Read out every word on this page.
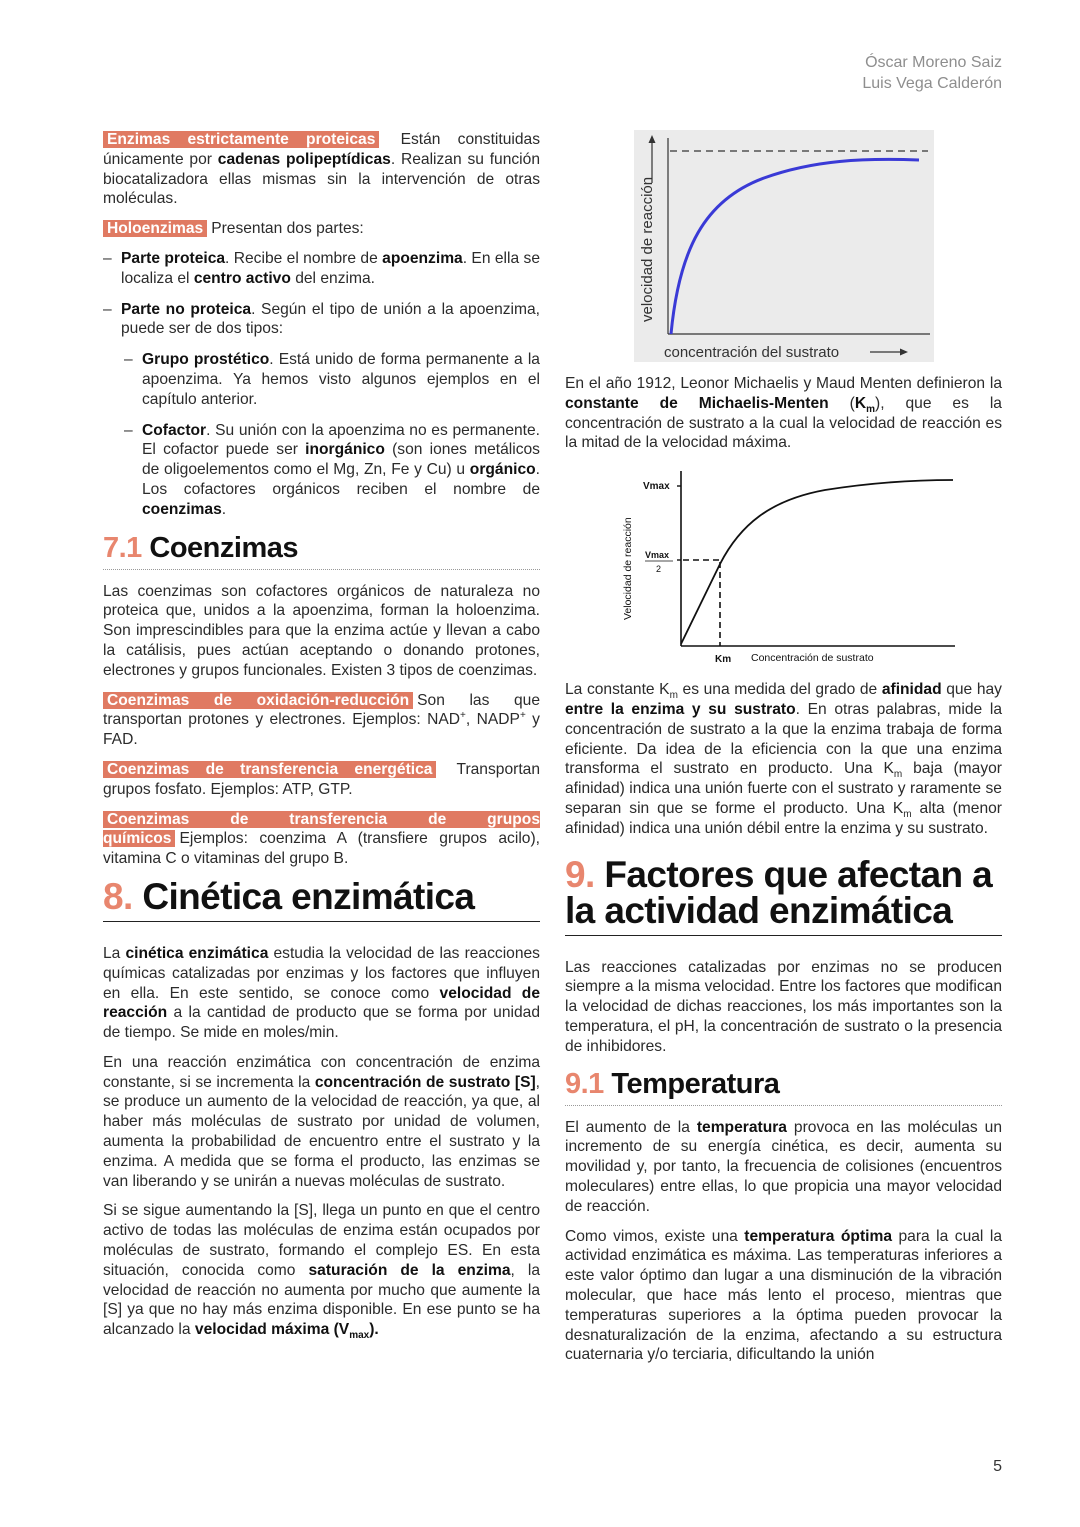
Óscar Moreno Saiz
Luis Vega Calderón

Enzimas estrictamente proteicas Están constituidas únicamente por cadenas polipeptídicas. Realizan su función biocatalizadora ellas mismas sin la intervención de otras moléculas.

Holoenzimas Presentan dos partes:

– Parte proteica. Recibe el nombre de apoenzima. En ella se localiza el centro activo del enzima.
– Parte no proteica. Según el tipo de unión a la apoenzima, puede ser de dos tipos:
– Grupo prostético. Está unido de forma permanente a la apoenzima. Ya hemos visto algunos ejemplos en el capítulo anterior.
– Cofactor. Su unión con la apoenzima no es permanente. El cofactor puede ser inorgánico (son iones metálicos de oligoelementos como el Mg, Zn, Fe y Cu) u orgánico. Los cofactores orgánicos reciben el nombre de coenzimas.
7.1 Coenzimas

Las coenzimas son cofactores orgánicos de naturaleza no proteica que, unidos a la apoenzima, forman la holoenzima. Son imprescindibles para que la enzima actúe y llevan a cabo la catálisis, pues actúan aceptando o donando protones, electrones y grupos funcionales. Existen 3 tipos de coenzimas.

Coenzimas de oxidación-reducción Son las que transportan protones y electrones. Ejemplos: NAD+, NADP+ y FAD.

Coenzimas de transferencia energética Transportan grupos fosfato. Ejemplos: ATP, GTP.

Coenzimas de transferencia de grupos químicos Ejemplos: coenzima A (transfiere grupos acilo), vitamina C o vitaminas del grupo B.

8. Cinética enzimática

La cinética enzimática estudia la velocidad de las reacciones químicas catalizadas por enzimas y los factores que influyen en ella. En este sentido, se conoce como velocidad de reacción a la cantidad de producto que se forma por unidad de tiempo. Se mide en moles/min.

En una reacción enzimática con concentración de enzima constante, si se incrementa la concentración de sustrato [S], se produce un aumento de la velocidad de reacción, ya que, al haber más moléculas de sustrato por unidad de volumen, aumenta la probabilidad de encuentro entre el sustrato y la enzima. A medida que se forma el producto, las enzimas se van liberando y se unirán a nuevas moléculas de sustrato.

Si se sigue aumentando la [S], llega un punto en que el centro activo de todas las moléculas de enzima están ocupados por moléculas de sustrato, formando el complejo ES. En esta situación, conocida como saturación de la enzima, la velocidad de reacción no aumenta por mucho que aumente la [S] ya que no hay más enzima disponible. En ese punto se ha alcanzado la velocidad máxima $(V_{max})$.

velocidad de reacción
concentración del sustrato

En el año 1912, Leonor Michaelis y Maud Menten definieron la constante de Michaelis-Menten $(K_m)$, que es la concentración de sustrato a la cual la velocidad de reacción es la mitad de la velocidad máxima.

Vmax
Vmax
2
Km Concentración de sustrato
Velocidad de reacción

La constante $K_m$ es una medida del grado de afinidad que hay entre la enzima y su sustrato. En otras palabras, mide la concentración de sustrato a la que la enzima trabaja de forma eficiente. Da idea de la eficiencia con la que una enzima transforma el sustrato en producto. Una $K_m$ baja (mayor afinidad) indica una unión fuerte con el sustrato y raramente se separan sin que se forme el producto. Una $K_m$ alta (menor afinidad) indica una unión débil entre la enzima y su sustrato.

9. Factores que afectan a la actividad enzimática

Las reacciones catalizadas por enzimas no se producen siempre a la misma velocidad. Entre los factores que modifican la velocidad de dichas reacciones, los más importantes son la temperatura, el pH, la concentración de sustrato o la presencia de inhibidores.

9.1 Temperatura

El aumento de la temperatura provoca en las moléculas un incremento de su energía cinética, es decir, aumenta su movilidad y, por tanto, la frecuencia de colisiones (encuentros moleculares) entre ellas, lo que propicia una mayor velocidad de reacción.

Como vimos, existe una temperatura óptima para la cual la actividad enzimática es máxima. Las temperaturas inferiores a este valor óptimo dan lugar a una disminución de la vibración molecular, que hace más lento el proceso, mientras que temperaturas superiores a la óptima pueden provocar la desnaturalización de la enzima, afectando a su estructura cuaternaria y/o terciaria, dificultando la unión

5
